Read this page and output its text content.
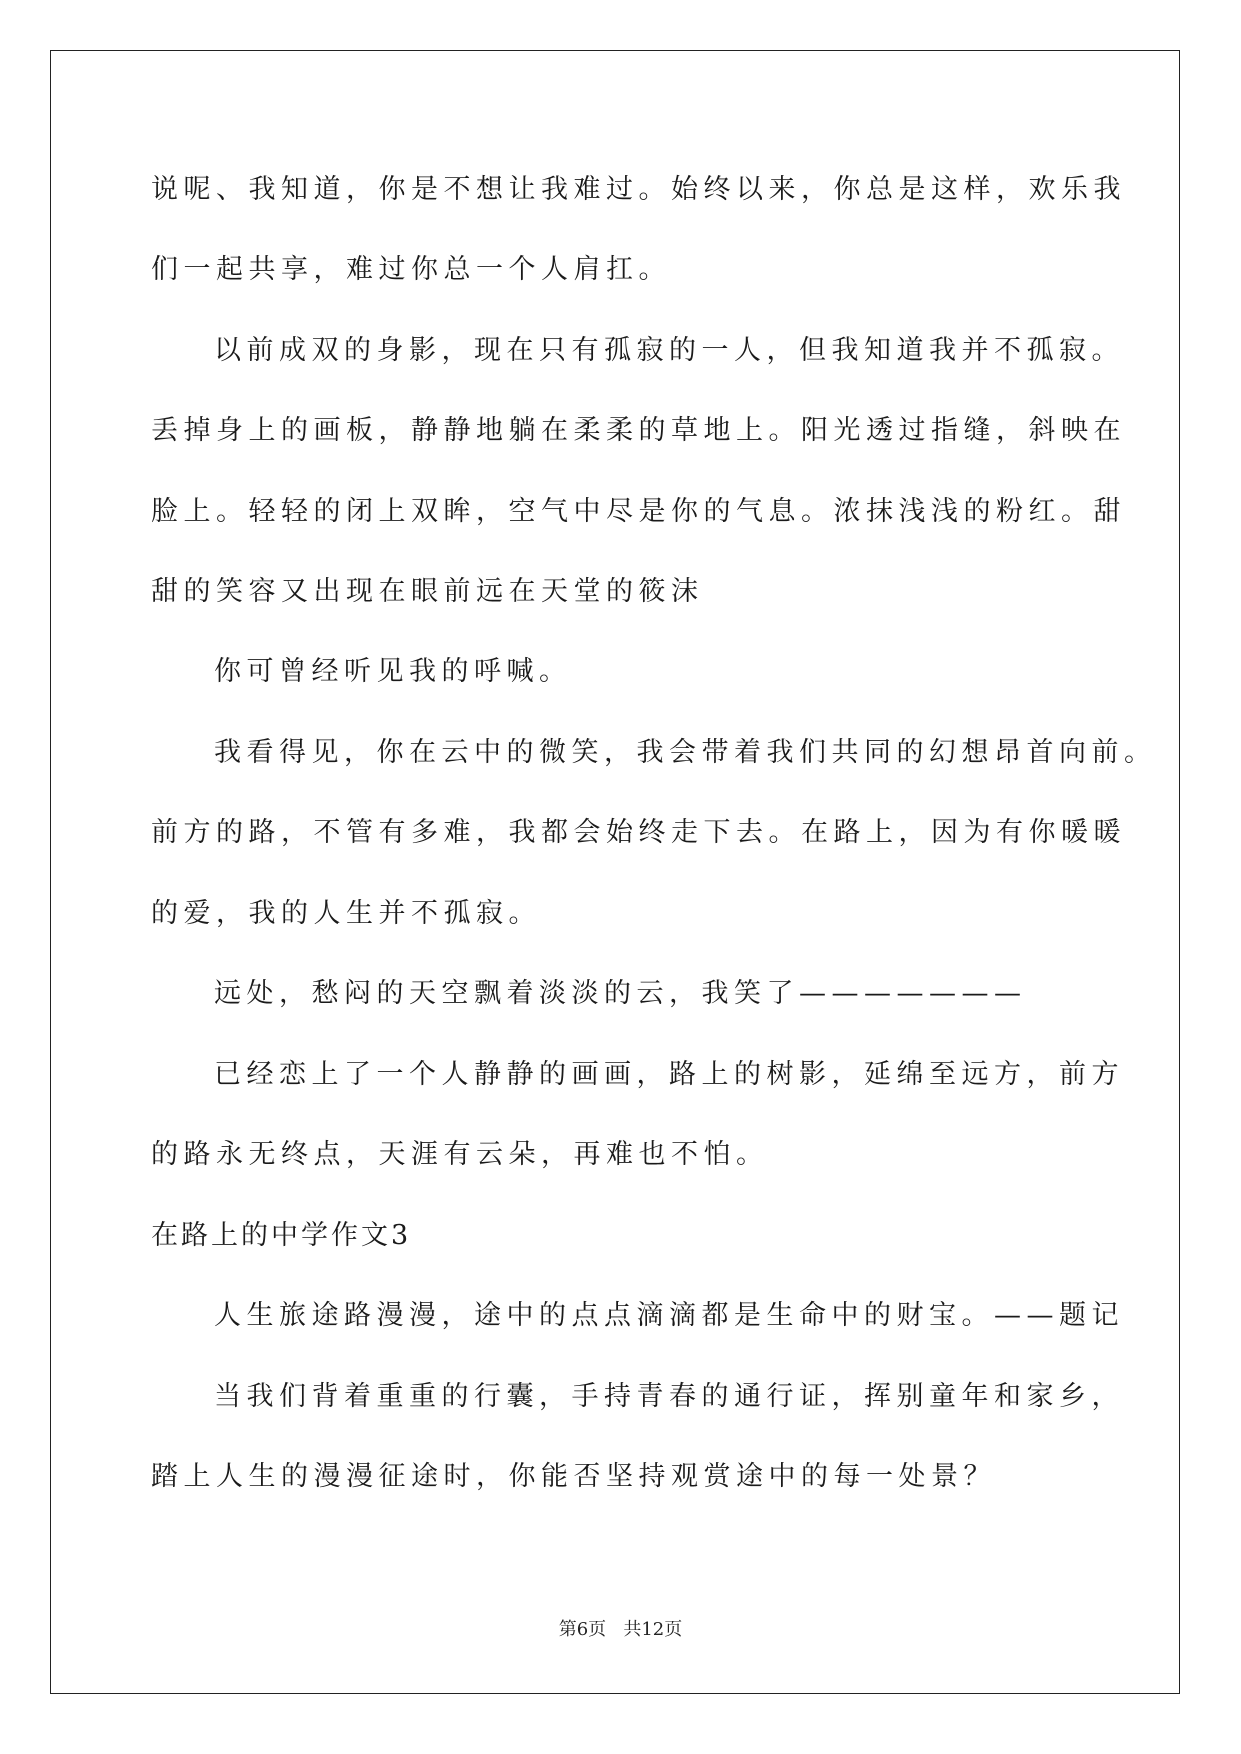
说呢、我知道，你是不想让我难过。始终以来，你总是这样，欢乐我
们一起共享，难过你总一个人肩扛。
以前成双的身影，现在只有孤寂的一人，但我知道我并不孤寂。
丢掉身上的画板，静静地躺在柔柔的草地上。阳光透过指缝，斜映在
脸上。轻轻的闭上双眸，空气中尽是你的气息。浓抹浅浅的粉红。甜
甜的笑容又出现在眼前远在天堂的筱沫
你可曾经听见我的呼喊。
我看得见，你在云中的微笑，我会带着我们共同的幻想昂首向前。
前方的路，不管有多难，我都会始终走下去。在路上，因为有你暖暖
的爱，我的人生并不孤寂。
远处，愁闷的天空飘着淡淡的云，我笑了———————
已经恋上了一个人静静的画画，路上的树影，延绵至远方，前方
的路永无终点，天涯有云朵，再难也不怕。
在路上的中学作文3
人生旅途路漫漫，途中的点点滴滴都是生命中的财宝。——题记
当我们背着重重的行囊，手持青春的通行证，挥别童年和家乡，
踏上人生的漫漫征途时，你能否坚持观赏途中的每一处景？
第6页   共12页
